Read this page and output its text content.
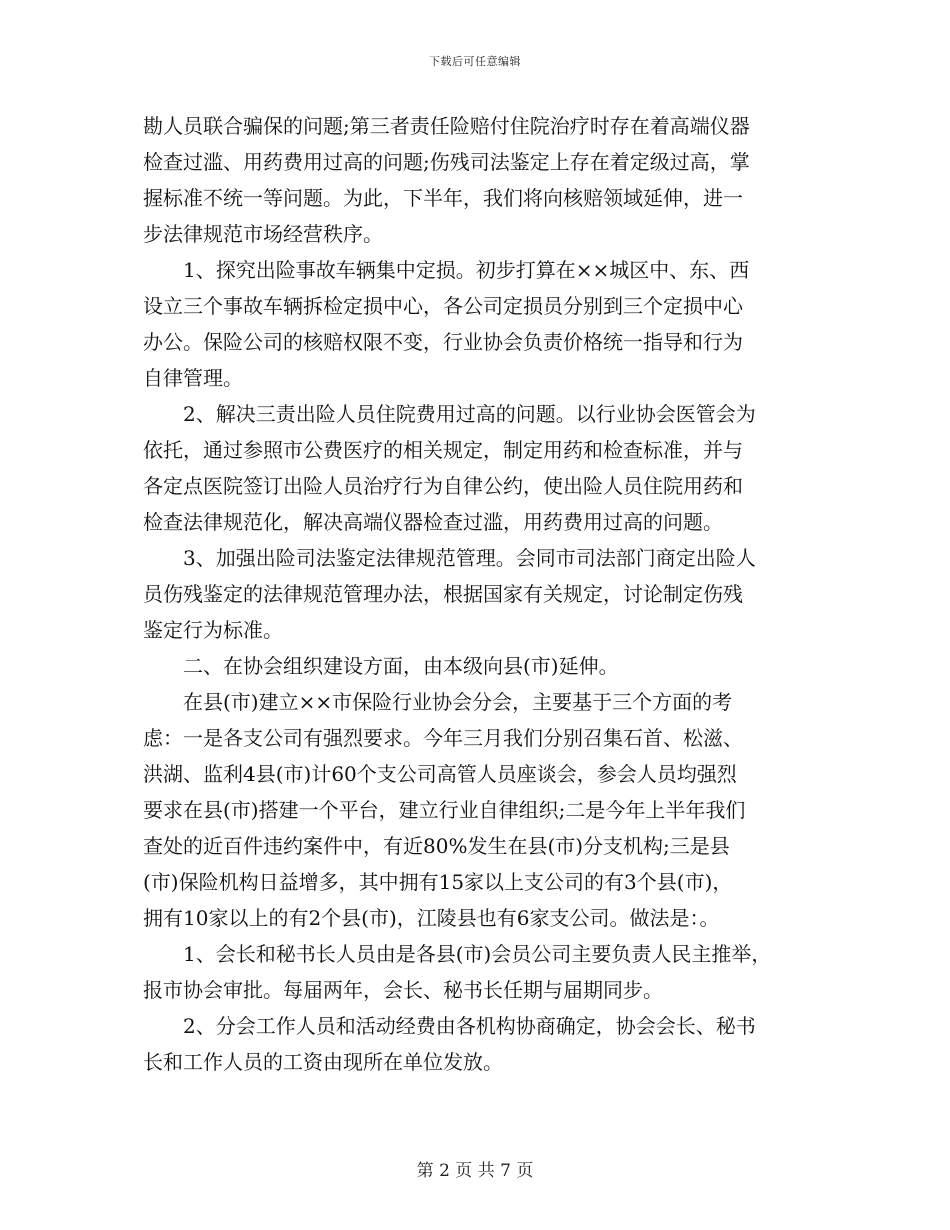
下载后可任意编辑
勘人员联合骗保的问题;第三者责任险赔付住院治疗时存在着高端仪器
检查过滥、用药费用过高的问题;伤残司法鉴定上存在着定级过高，掌
握标准不统一等问题。为此，下半年，我们将向核赔领域延伸，进一
步法律规范市场经营秩序。
　　1、探究出险事故车辆集中定损。初步打算在××城区中、东、西
设立三个事故车辆拆检定损中心，各公司定损员分别到三个定损中心
办公。保险公司的核赔权限不变，行业协会负责价格统一指导和行为
自律管理。
　　2、解决三责出险人员住院费用过高的问题。以行业协会医管会为
依托，通过参照市公费医疗的相关规定，制定用药和检查标准，并与
各定点医院签订出险人员治疗行为自律公约，使出险人员住院用药和
检查法律规范化，解决高端仪器检查过滥，用药费用过高的问题。
　　3、加强出险司法鉴定法律规范管理。会同市司法部门商定出险人
员伤残鉴定的法律规范管理办法，根据国家有关规定，讨论制定伤残
鉴定行为标准。
　　二、在协会组织建设方面，由本级向县(市)延伸。
　　在县(市)建立××市保险行业协会分会，主要基于三个方面的考
虑：一是各支公司有强烈要求。今年三月我们分别召集石首、松滋、
洪湖、监利4县(市)计60个支公司高管人员座谈会，参会人员均强烈
要求在县(市)搭建一个平台，建立行业自律组织;二是今年上半年我们
查处的近百件违约案件中，有近80%发生在县(市)分支机构;三是县
(市)保险机构日益增多，其中拥有15家以上支公司的有3个县(市)，
拥有10家以上的有2个县(市)，江陵县也有6家支公司。做法是：。
　　1、会长和秘书长人员由是各县(市)会员公司主要负责人民主推举，
报市协会审批。每届两年，会长、秘书长任期与届期同步。
　　2、分会工作人员和活动经费由各机构协商确定，协会会长、秘书
长和工作人员的工资由现所在单位发放。
第 2 页 共 7 页
